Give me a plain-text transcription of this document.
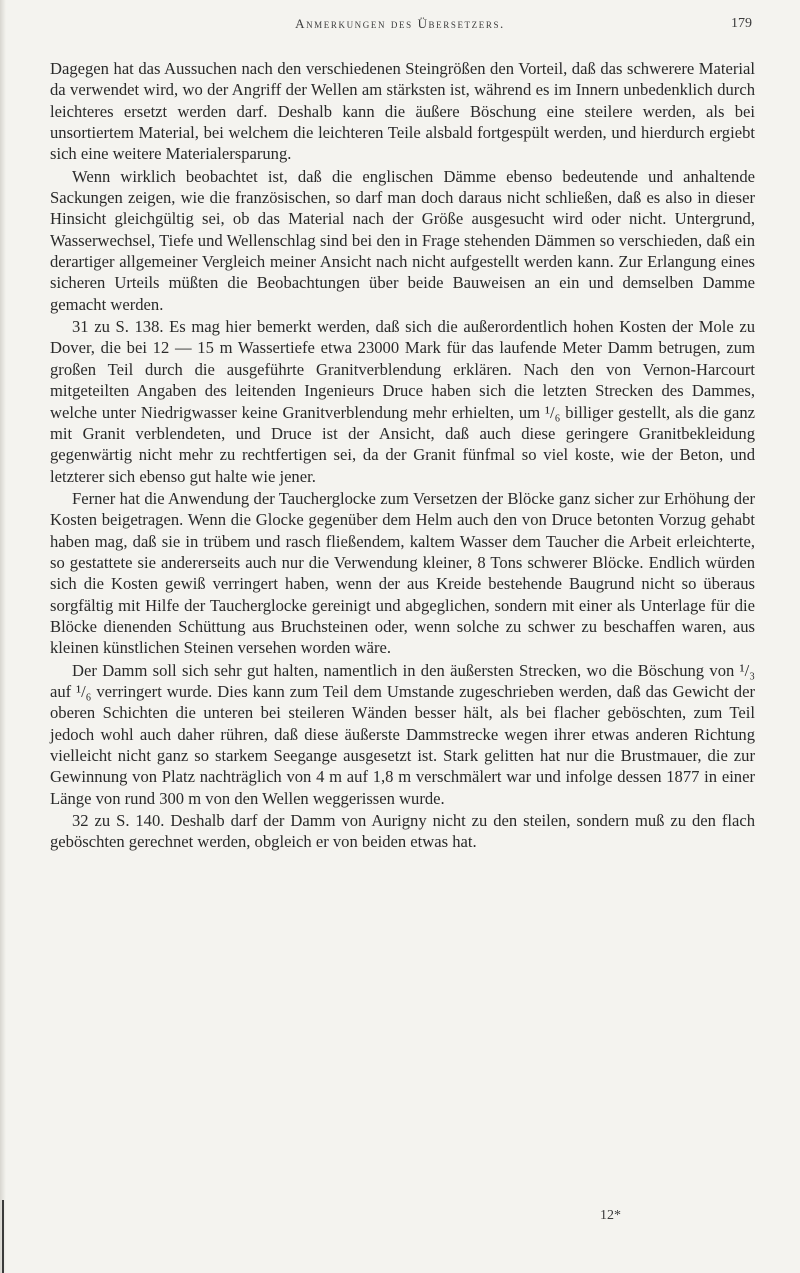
Anmerkungen des Übersetzers.	179

Dagegen hat das Aussuchen nach den verschiedenen Steingrößen den Vorteil, daß das schwerere Material da verwendet wird, wo der Angriff der Wellen am stärksten ist, während es im Innern unbedenklich durch leichteres ersetzt werden darf. Deshalb kann die äußere Böschung eine steilere werden, als bei unsortiertem Material, bei welchem die leichteren Teile alsbald fortgespült werden, und hierdurch ergiebt sich eine weitere Materialersparung.

Wenn wirklich beobachtet ist, daß die englischen Dämme ebenso bedeutende und anhaltende Sackungen zeigen, wie die französischen, so darf man doch daraus nicht schließen, daß es also in dieser Hinsicht gleichgültig sei, ob das Material nach der Größe ausgesucht wird oder nicht. Untergrund, Wasserwechsel, Tiefe und Wellenschlag sind bei den in Frage stehenden Dämmen so verschieden, daß ein derartiger allgemeiner Vergleich meiner Ansicht nach nicht aufgestellt werden kann. Zur Erlangung eines sicheren Urteils müßten die Beobachtungen über beide Bauweisen an ein und demselben Damme gemacht werden.

31 zu S. 138. Es mag hier bemerkt werden, daß sich die außerordentlich hohen Kosten der Mole zu Dover, die bei 12 — 15 m Wassertiefe etwa 23000 Mark für das laufende Meter Damm betrugen, zum großen Teil durch die ausgeführte Granitverblendung erklären. Nach den von Vernon-Harcourt mitgeteilten Angaben des leitenden Ingenieurs Druce haben sich die letzten Strecken des Dammes, welche unter Niedrigwasser keine Granitverblendung mehr erhielten, um ¹/₆ billiger gestellt, als die ganz mit Granit verblendeten, und Druce ist der Ansicht, daß auch diese geringere Granitbekleidung gegenwärtig nicht mehr zu rechtfertigen sei, da der Granit fünfmal so viel koste, wie der Beton, und letzterer sich ebenso gut halte wie jener.

Ferner hat die Anwendung der Taucherglocke zum Versetzen der Blöcke ganz sicher zur Erhöhung der Kosten beigetragen. Wenn die Glocke gegenüber dem Helm auch den von Druce betonten Vorzug gehabt haben mag, daß sie in trübem und rasch fließendem, kaltem Wasser dem Taucher die Arbeit erleichterte, so gestattete sie andererseits auch nur die Verwendung kleiner, 8 Tons schwerer Blöcke. Endlich würden sich die Kosten gewiß verringert haben, wenn der aus Kreide bestehende Baugrund nicht so überaus sorgfältig mit Hilfe der Taucherglocke gereinigt und abgeglichen, sondern mit einer als Unterlage für die Blöcke dienenden Schüttung aus Bruchsteinen oder, wenn solche zu schwer zu beschaffen waren, aus kleinen künstlichen Steinen versehen worden wäre.

Der Damm soll sich sehr gut halten, namentlich in den äußersten Strecken, wo die Böschung von ¹/₃ auf ¹/₆ verringert wurde. Dies kann zum Teil dem Umstande zugeschrieben werden, daß das Gewicht der oberen Schichten die unteren bei steileren Wänden besser hält, als bei flacher geböschten, zum Teil jedoch wohl auch daher rühren, daß diese äußerste Dammstrecke wegen ihrer etwas anderen Richtung vielleicht nicht ganz so starkem Seegange ausgesetzt ist. Stark gelitten hat nur die Brustmauer, die zur Gewinnung von Platz nachträglich von 4 m auf 1,8 m verschmälert war und infolge dessen 1877 in einer Länge von rund 300 m von den Wellen weggerissen wurde.

32 zu S. 140. Deshalb darf der Damm von Aurigny nicht zu den steilen, sondern muß zu den flach geböschten gerechnet werden, obgleich er von beiden etwas hat.

12*
